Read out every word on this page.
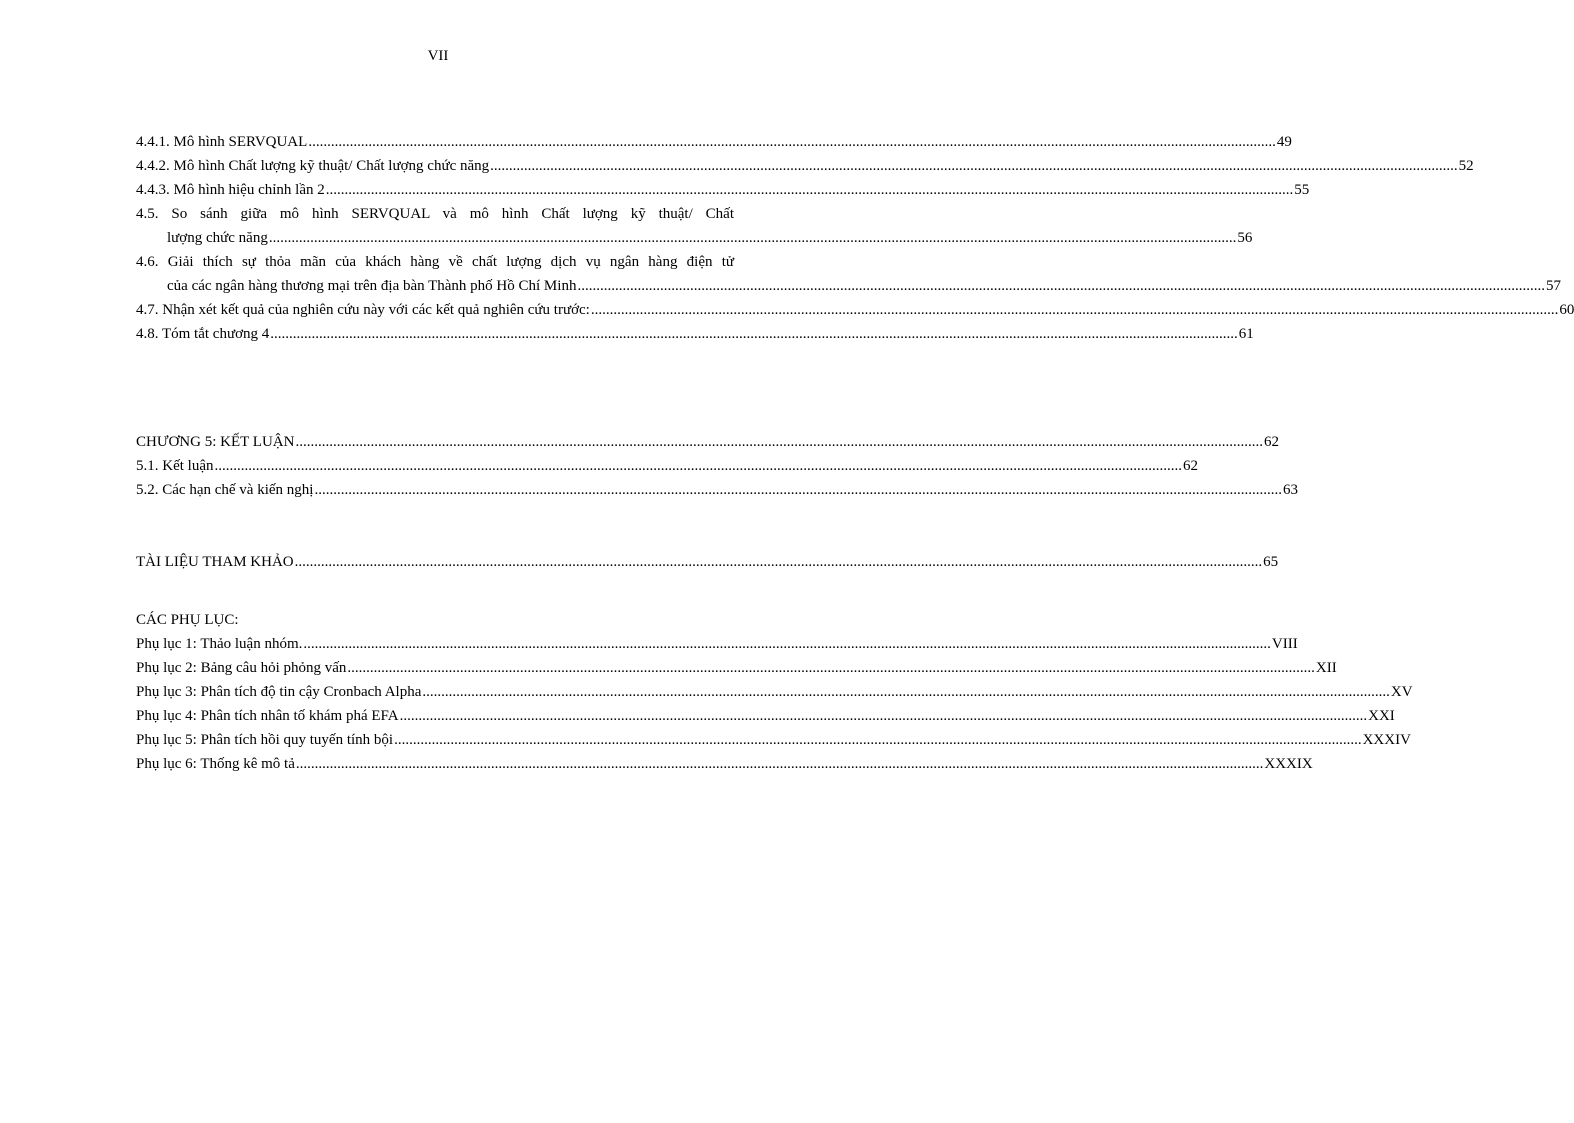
VII
4.4.1. Mô hình SERVQUAL .................................................................................................................................................................................................................................................................. 49
4.4.2. Mô hình Chất lượng kỹ thuật/ Chất lượng chức năng .................................................................................................................................................................................................................................................................. 52
4.4.3. Mô hình hiệu chỉnh lần 2 .................................................................................................................................................................................................................................................................. 55
4.5. So sánh giữa mô hình SERVQUAL và mô hình Chất lượng kỹ thuật/ Chất
lượng chức năng .................................................................................................................................................................................................................................................................. 56
4.6. Giải thích sự thỏa mãn của khách hàng về chất lượng dịch vụ ngân hàng điện tử
của các ngân hàng thương mại trên địa bàn Thành phố Hồ Chí Minh .................................................................................................................................................................................................................................................................. 57
4.7. Nhận xét kết quả của nghiên cứu này với các kết quả nghiên cứu trước: .................................................................................................................................................................................................................................................................. 60
4.8. Tóm tắt chương 4 .................................................................................................................................................................................................................................................................. 61
CHƯƠNG 5: KẾT LUẬN .................................................................................................................................................................................................................................................................. 62
5.1. Kết luận .................................................................................................................................................................................................................................................................. 62
5.2. Các hạn chế và kiến nghị .................................................................................................................................................................................................................................................................. 63
TÀI LIỆU THAM KHẢO .................................................................................................................................................................................................................................................................. 65
CÁC PHỤ LỤC:
Phụ lục 1: Thảo luận nhóm. .................................................................................................................................................................................................................................................................. VIII
Phụ lục 2: Bảng câu hỏi phỏng vấn .................................................................................................................................................................................................................................................................. XII
Phụ lục 3: Phân tích độ tin cậy Cronbach Alpha .................................................................................................................................................................................................................................................................. XV
Phụ lục 4: Phân tích nhân tố khám phá EFA .................................................................................................................................................................................................................................................................. XXI
Phụ lục 5: Phân tích hồi quy tuyến tính bội .................................................................................................................................................................................................................................................................. XXXIV
Phụ lục 6: Thống kê mô tả .................................................................................................................................................................................................................................................................. XXXIX
